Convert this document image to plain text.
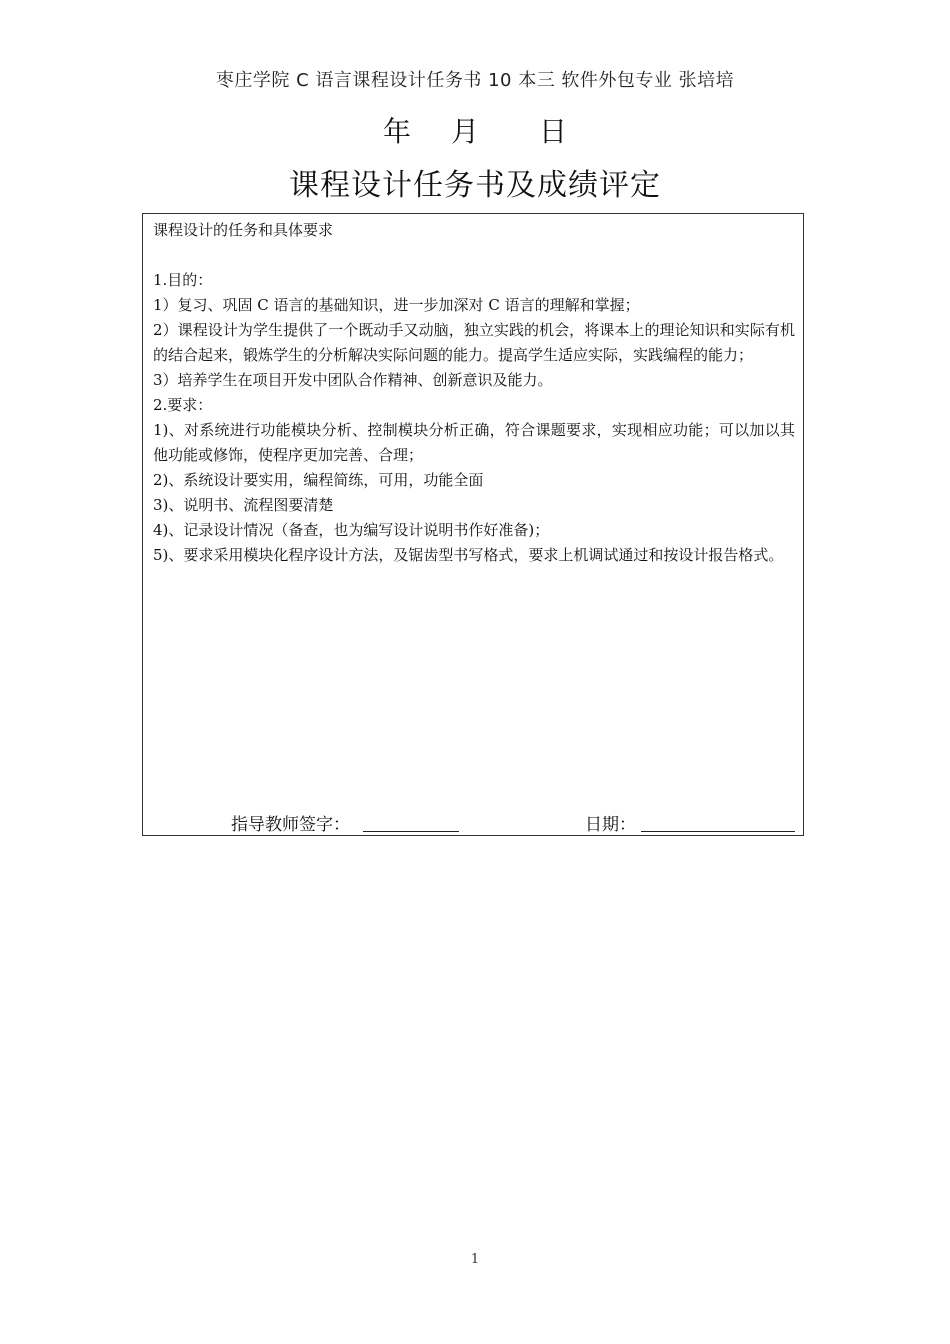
枣庄学院 C 语言课程设计任务书 10 本三 软件外包专业 张培培
年 月 日
课程设计任务书及成绩评定

课程设计的任务和具体要求

1.目的：

1）复习、巩固 C 语言的基础知识，进一步加深对 C 语言的理解和掌握；

2）课程设计为学生提供了一个既动手又动脑，独立实践的机会，将课本上的理论知识和实际有机的结合起来，锻炼学生的分析解决实际问题的能力。提高学生适应实际，实践编程的能力；

3）培养学生在项目开发中团队合作精神、创新意识及能力。

2.要求：

1)、对系统进行功能模块分析、控制模块分析正确，符合课题要求，实现相应功能；可以加以其他功能或修饰，使程序更加完善、合理；

2)、系统设计要实用，编程简练，可用，功能全面

3)、说明书、流程图要清楚

4)、记录设计情况（备查，也为编写设计说明书作好准备)；

5)、要求采用模块化程序设计方法，及锯齿型书写格式，要求上机调试通过和按设计报告格式。

指导教师签字：	日期：
1
